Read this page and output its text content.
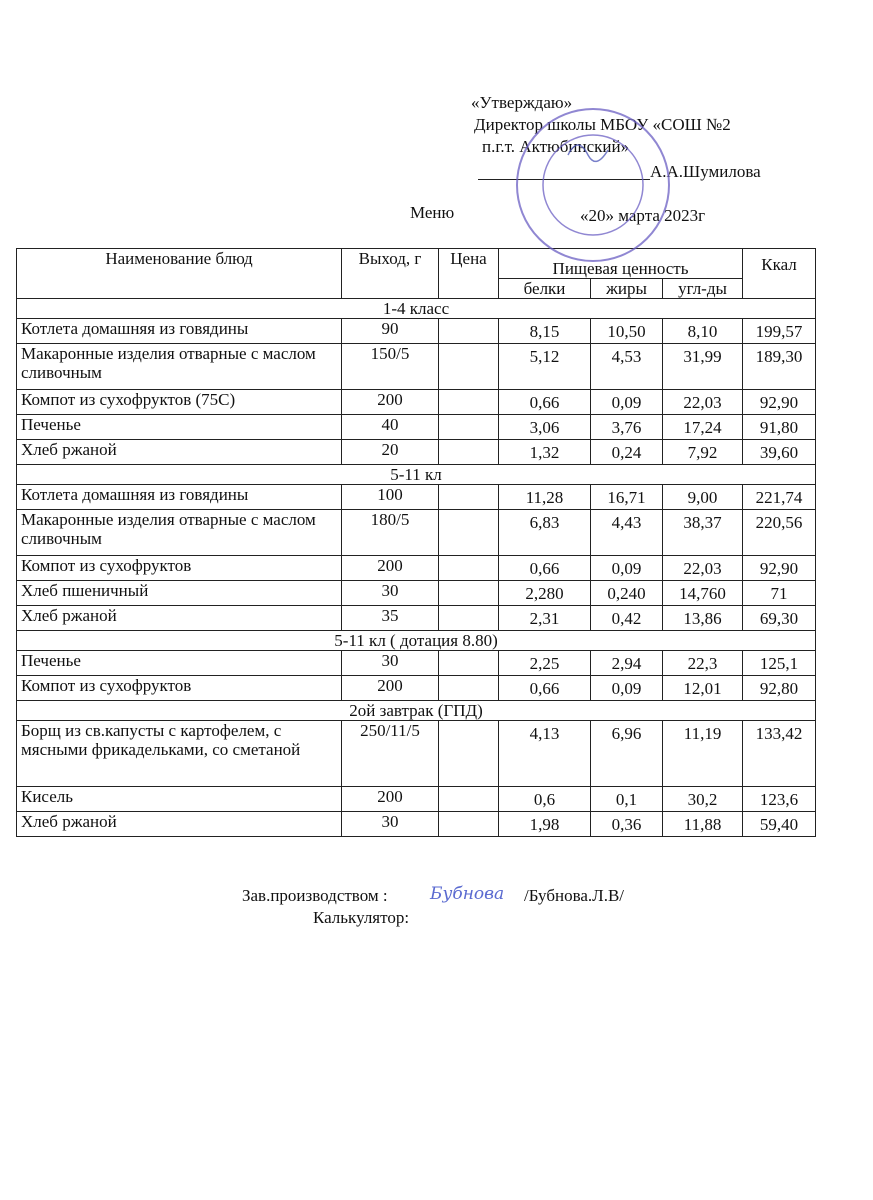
«Утверждаю»
Директор школы МБОУ «СОШ №2
п.г.т. Актюбинский»
А.А.Шумилова
Меню	«20» марта 2023г
Наименование блюд	Выход, г	Цена	Пищевая ценность			Ккал
			белки	жиры	угл-ды	
1-4 класс						
Котлета домашняя из говядины	90		8,15	10,50	8,10	199,57
Макаронные изделия отварные с маслом сливочным	150/5		5,12	4,53	31,99	189,30
Компот из сухофруктов (75С)	200		0,66	0,09	22,03	92,90
Печенье	40		3,06	3,76	17,24	91,80
Хлеб ржаной	20		1,32	0,24	7,92	39,60
5-11 кл						
Котлета домашняя из говядины	100		11,28	16,71	9,00	221,74
Макаронные изделия отварные с маслом сливочным	180/5		6,83	4,43	38,37	220,56
Компот из сухофруктов	200		0,66	0,09	22,03	92,90
Хлеб пшеничный	30		2,280	0,240	14,760	71
Хлеб ржаной	35		2,31	0,42	13,86	69,30
5-11 кл ( дотация 8.80)						
Печенье	30		2,25	2,94	22,3	125,1
Компот из сухофруктов	200		0,66	0,09	12,01	92,80
2ой завтрак (ГПД)						
Борщ из св.капусты с картофелем, с мясными фрикадельками, со сметаной	250/11/5		4,13	6,96	11,19	133,42
Кисель	200		0,6	0,1	30,2	123,6
Хлеб ржаной	30		1,98	0,36	11,88	59,40
Зав.производством : Бубнова /Бубнова.Л.В/
Калькулятор:
